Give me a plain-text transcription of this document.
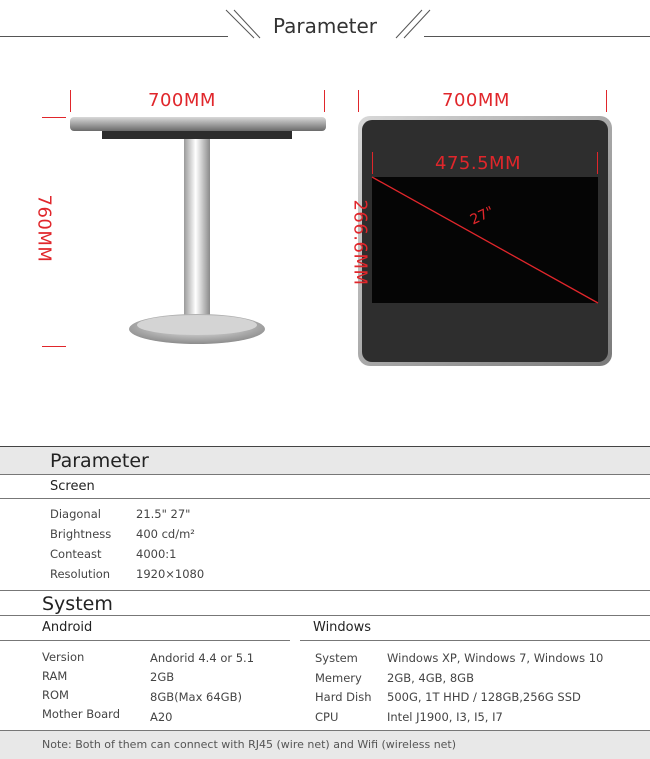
Parameter
700MM
760MM
700MM
475.5MM
266.6MM	27"
Parameter
Screen
Diagonal	21.5" 27"
Brightness 400 cd/m²
Conteast	4000:1
Resolution 1920×1080
System
Android	Windows
Version	Andorid 4.4 or 5.1
RAM	2GB
ROM	8GB(Max 64GB)
Mother Board	A20
System	Windows XP, Windows 7, Windows 10
Memery 2GB, 4GB, 8GB
Hard Dish 500G, 1T HHD / 128GB,256G SSD
CPU	Intel J1900, I3, I5, I7
Note: Both of them can connect with RJ45 (wire net) and Wifi (wireless net)
